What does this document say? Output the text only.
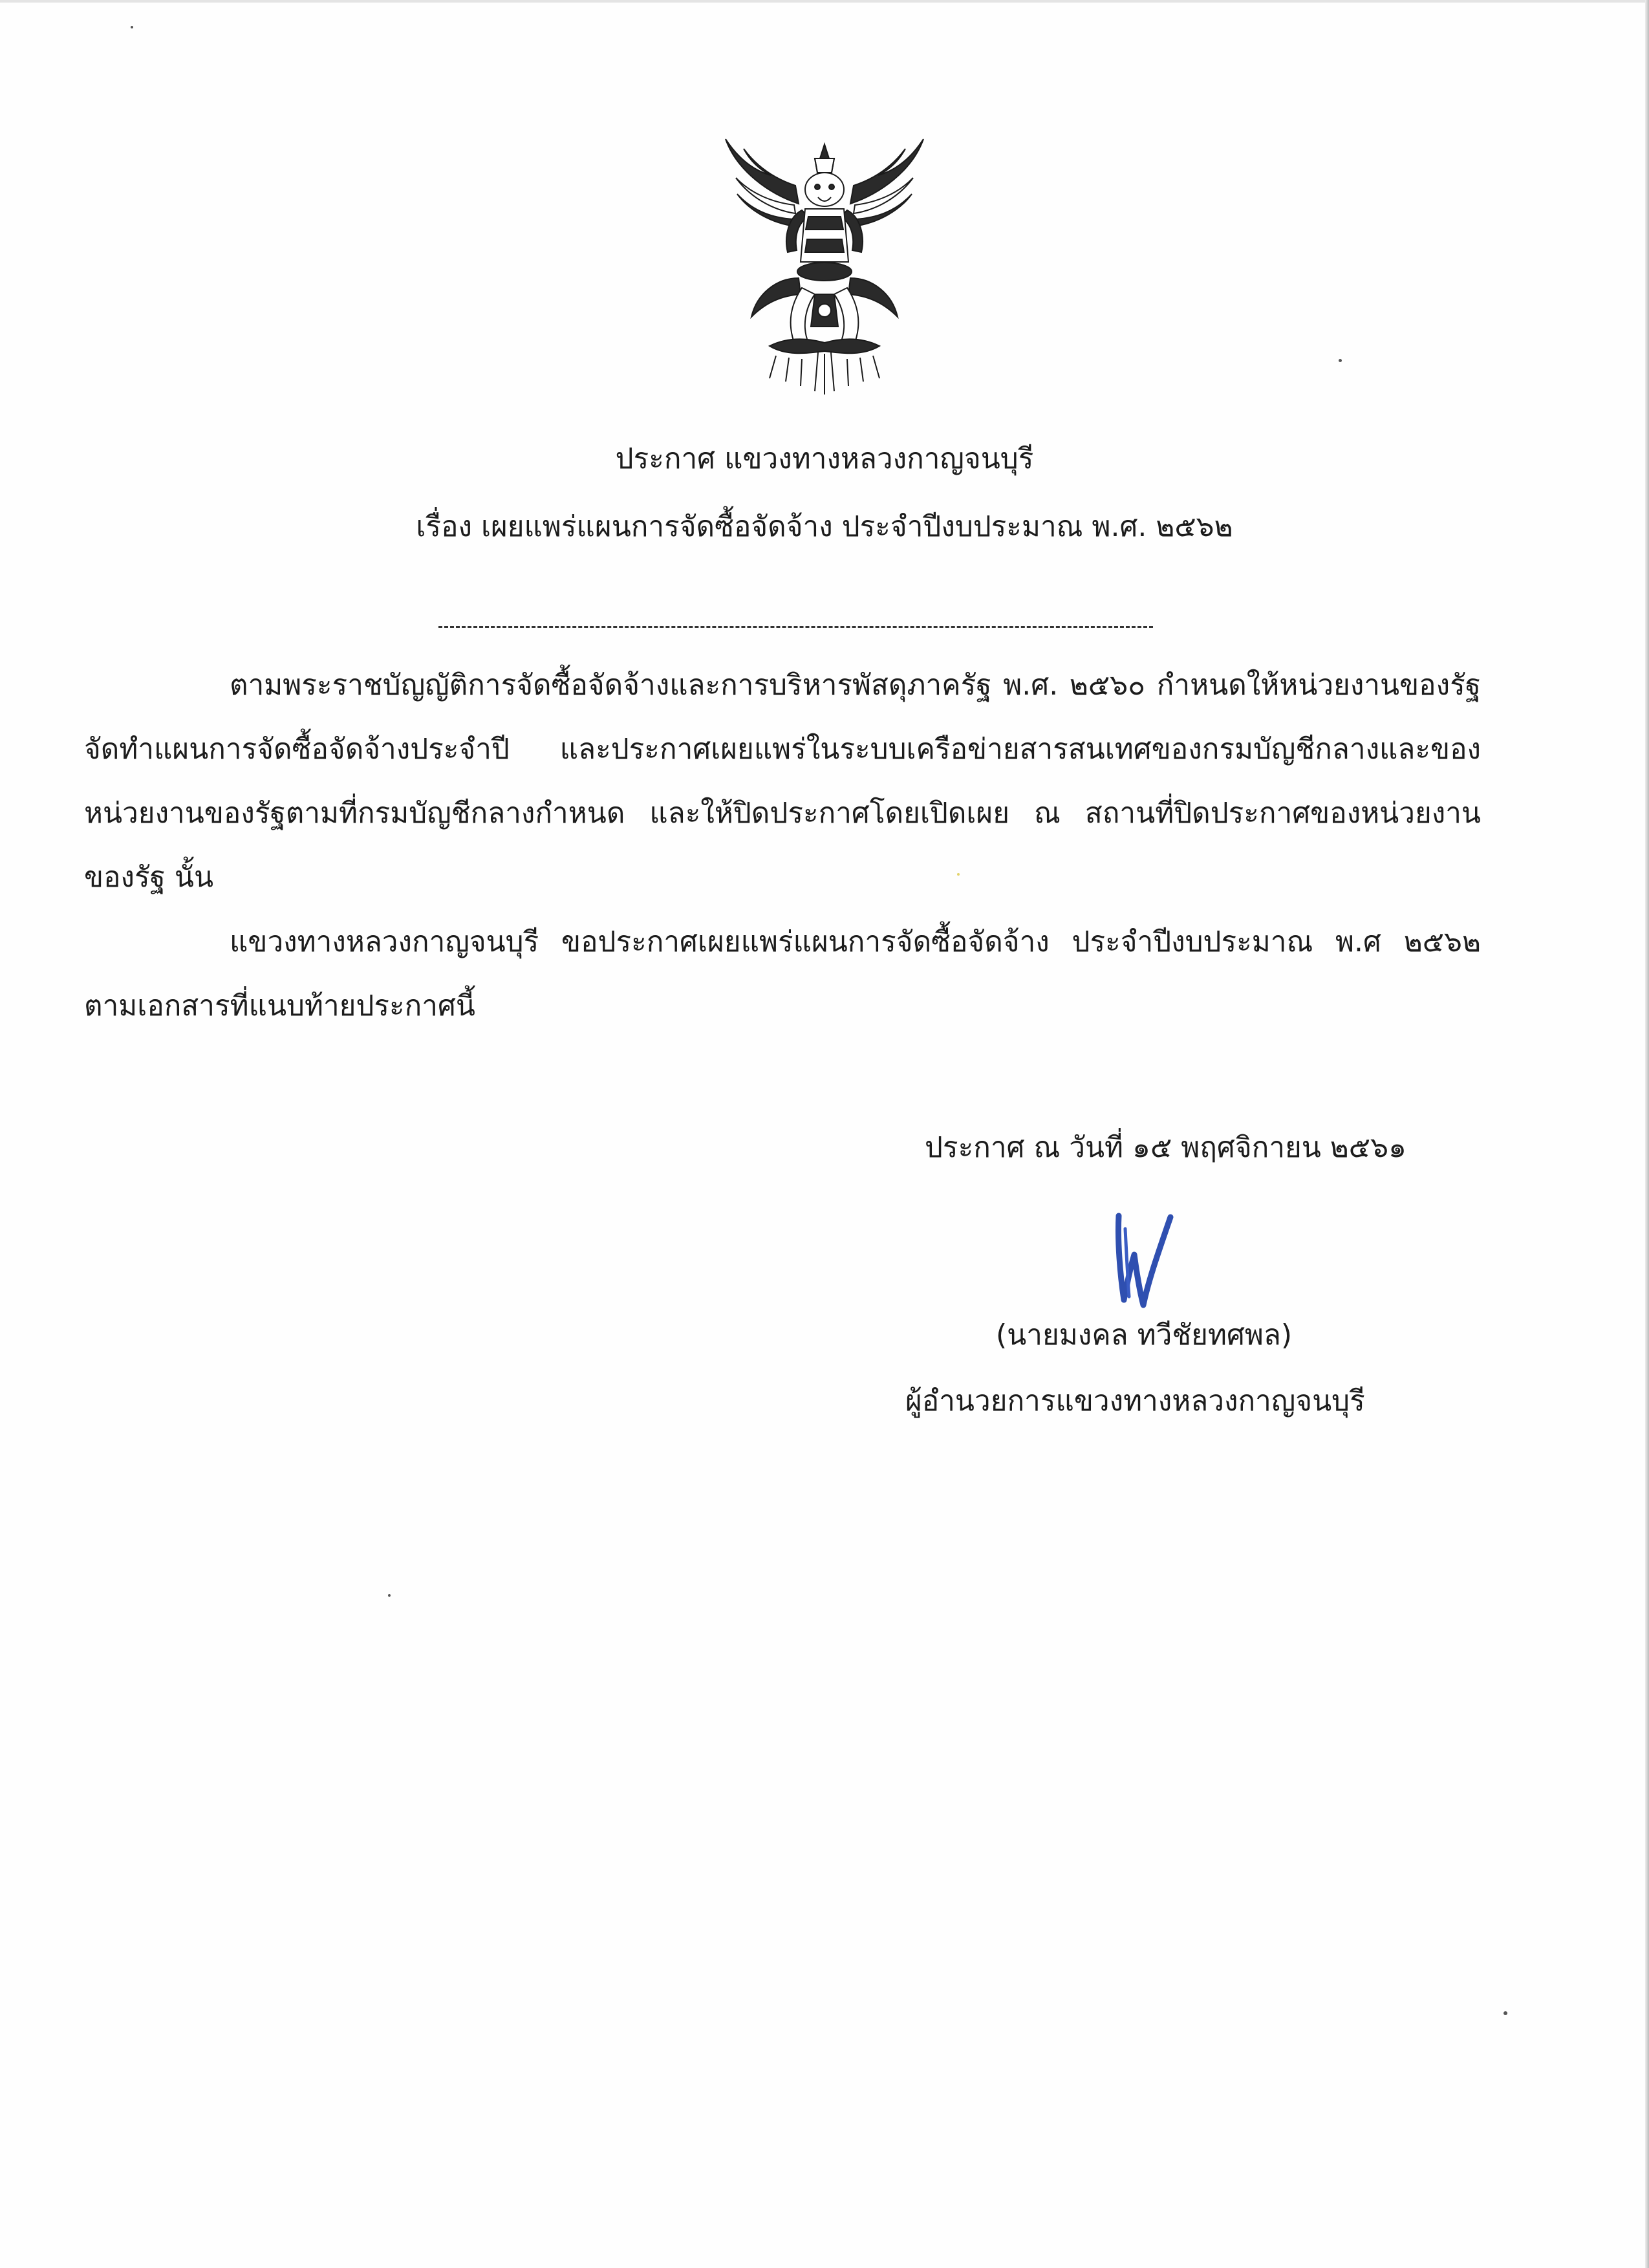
ประกาศ แขวงทางหลวงกาญจนบุรี
เรื่อง เผยแพร่แผนการจัดซื้อจัดจ้าง ประจำปีงบประมาณ พ.ศ. ๒๕๖๒
ตามพระราชบัญญัติการจัดซื้อจัดจ้างและการบริหารพัสดุภาครัฐ พ.ศ. ๒๕๖๐ กำหนดให้หน่วยงานของรัฐ จัดทำแผนการจัดซื้อจัดจ้างประจำปี และประกาศเผยแพร่ในระบบเครือข่ายสารสนเทศของกรมบัญชีกลางและของหน่วยงานของรัฐตามที่กรมบัญชีกลางกำหนด และให้ปิดประกาศโดยเปิดเผย ณ สถานที่ปิดประกาศของหน่วยงานของรัฐ นั้น
แขวงทางหลวงกาญจนบุรี ขอประกาศเผยแพร่แผนการจัดซื้อจัดจ้าง ประจำปีงบประมาณ พ.ศ ๒๕๖๒ ตามเอกสารที่แนบท้ายประกาศนี้
ประกาศ ณ วันที่ ๑๕ พฤศจิกายน ๒๕๖๑
(นายมงคล ทวีชัยทศพล)
ผู้อำนวยการแขวงทางหลวงกาญจนบุรี
